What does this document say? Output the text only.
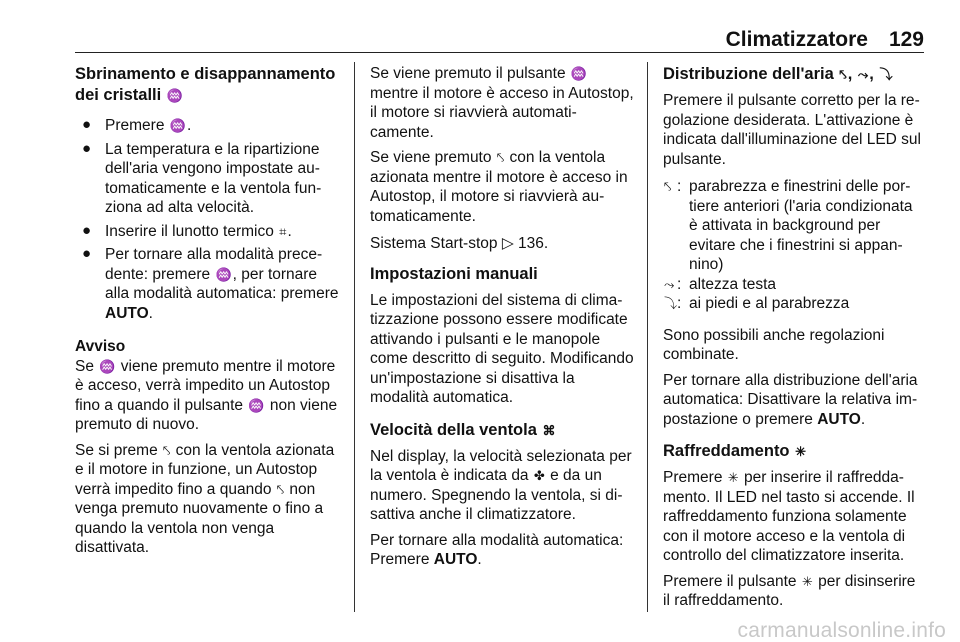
Climatizzatore 129
Sbrinamento e disappannamento dei cristalli ♒
● Premere ♒.
● La temperatura e la ripartizione dell'aria vengono impostate automaticamente e la ventola funziona ad alta velocità.
● Inserire il lunotto termico ⌗.
● Per tornare alla modalità precedente: premere ♒, per tornare alla modalità automatica: premere AUTO.

Avviso

Se ♒ viene premuto mentre il motore è acceso, verrà impedito un Autostop fino a quando il pulsante ♒ non viene premuto di nuovo.

Se si preme ⤣ con la ventola azionata e il motore in funzione, un Autostop verrà impedito fino a quando ⤣ non venga premuto nuovamente o fino a quando la ventola non venga disattivata.

Se viene premuto il pulsante ♒ mentre il motore è acceso in Autostop, il motore si riavvierà automaticamente.

Se viene premuto ⤣ con la ventola azionata mentre il motore è acceso in Autostop, il motore si riavvierà automaticamente.

Sistema Start-stop ▷ 136.

Impostazioni manuali

Le impostazioni del sistema di climatizzazione possono essere modificate attivando i pulsanti e le manopole come descritto di seguito. Modificando un'impostazione si disattiva la modalità automatica.

Velocità della ventola ⌘

Nel display, la velocità selezionata per la ventola è indicata da ✤ e da un numero. Spegnendo la ventola, si disattiva anche il climatizzatore.

Per tornare alla modalità automatica: Premere AUTO.

Distribuzione dell'aria ⤣, ⤳, ⤵

Premere il pulsante corretto per la regolazione desiderata. L'attivazione è indicata dall'illuminazione del LED sul pulsante.

⤣ : parabrezza e finestrini delle portiere anteriori (l'aria condizionata è attivata in background per evitare che i finestrini si appannino)
⤳ : altezza testa
⤵ : ai piedi e al parabrezza

Sono possibili anche regolazioni combinate.

Per tornare alla distribuzione dell'aria automatica: Disattivare la relativa impostazione o premere AUTO.

Raffreddamento ✳

Premere ✳ per inserire il raffreddamento. Il LED nel tasto si accende. Il raffreddamento funziona solamente con il motore acceso e la ventola di controllo del climatizzatore inserita.

Premere il pulsante ✳ per disinserire il raffreddamento.

carmanualsonline.info
